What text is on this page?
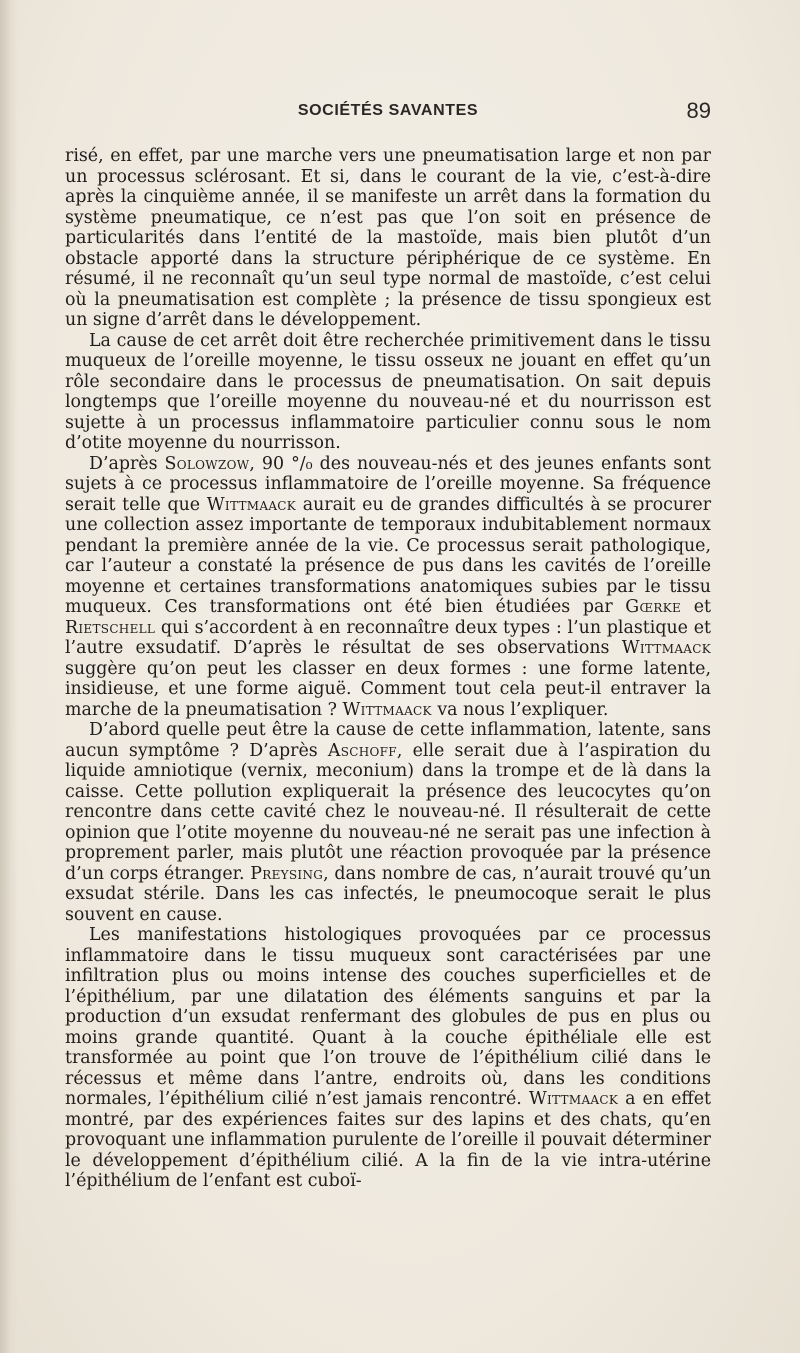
SOCIÉTÉS SAVANTES	89

risé, en effet, par une marche vers une pneumatisation large et non par un processus sclérosant. Et si, dans le courant de la vie, c’est-à-dire après la cinquième année, il se manifeste un arrêt dans la formation du système pneumatique, ce n’est pas que l’on soit en présence de particularités dans l’entité de la mastoïde, mais bien plutôt d’un obstacle apporté dans la structure périphérique de ce système. En résumé, il ne reconnaît qu’un seul type normal de mastoïde, c’est celui où la pneumatisation est complète ; la présence de tissu spongieux est un signe d’arrêt dans le développement.

La cause de cet arrêt doit être recherchée primitivement dans le tissu muqueux de l’oreille moyenne, le tissu osseux ne jouant en effet qu’un rôle secondaire dans le processus de pneumatisation. On sait depuis longtemps que l’oreille moyenne du nouveau-né et du nourrisson est sujette à un processus inflammatoire particulier connu sous le nom d’otite moyenne du nourrisson.

D’après Solowzow, 90 °/₀ des nouveau-nés et des jeunes enfants sont sujets à ce processus inflammatoire de l’oreille moyenne. Sa fréquence serait telle que Wittmaack aurait eu de grandes difficultés à se procurer une collection assez importante de temporaux indubitablement normaux pendant la première année de la vie. Ce processus serait pathologique, car l’auteur a constaté la présence de pus dans les cavités de l’oreille moyenne et certaines transformations anatomiques subies par le tissu muqueux. Ces transformations ont été bien étudiées par Gœrke et Rietschell qui s’accordent à en reconnaître deux types : l’un plastique et l’autre exsudatif. D’après le résultat de ses observations Wittmaack suggère qu’on peut les classer en deux formes : une forme latente, insidieuse, et une forme aiguë. Comment tout cela peut-il entraver la marche de la pneumatisation ? Wittmaack va nous l’expliquer.

D’abord quelle peut être la cause de cette inflammation, latente, sans aucun symptôme ? D’après Aschoff, elle serait due à l’aspiration du liquide amniotique (vernix, meconium) dans la trompe et de là dans la caisse. Cette pollution expliquerait la présence des leucocytes qu’on rencontre dans cette cavité chez le nouveau-né. Il résulterait de cette opinion que l’otite moyenne du nouveau-né ne serait pas une infection à proprement parler, mais plutôt une réaction provoquée par la présence d’un corps étranger. Preysing, dans nombre de cas, n’aurait trouvé qu’un exsudat stérile. Dans les cas infectés, le pneumocoque serait le plus souvent en cause.

Les manifestations histologiques provoquées par ce processus inflammatoire dans le tissu muqueux sont caractérisées par une infiltration plus ou moins intense des couches superficielles et de l’épithélium, par une dilatation des éléments sanguins et par la production d’un exsudat renfermant des globules de pus en plus ou moins grande quantité. Quant à la couche épithéliale elle est transformée au point que l’on trouve de l’épithélium cilié dans le récessus et même dans l’antre, endroits où, dans les conditions normales, l’épithélium cilié n’est jamais rencontré. Wittmaack a en effet montré, par des expériences faites sur des lapins et des chats, qu’en provoquant une inflammation purulente de l’oreille il pouvait déterminer le développement d’épithélium cilié. A la fin de la vie intra-utérine l’épithélium de l’enfant est cuboï-
